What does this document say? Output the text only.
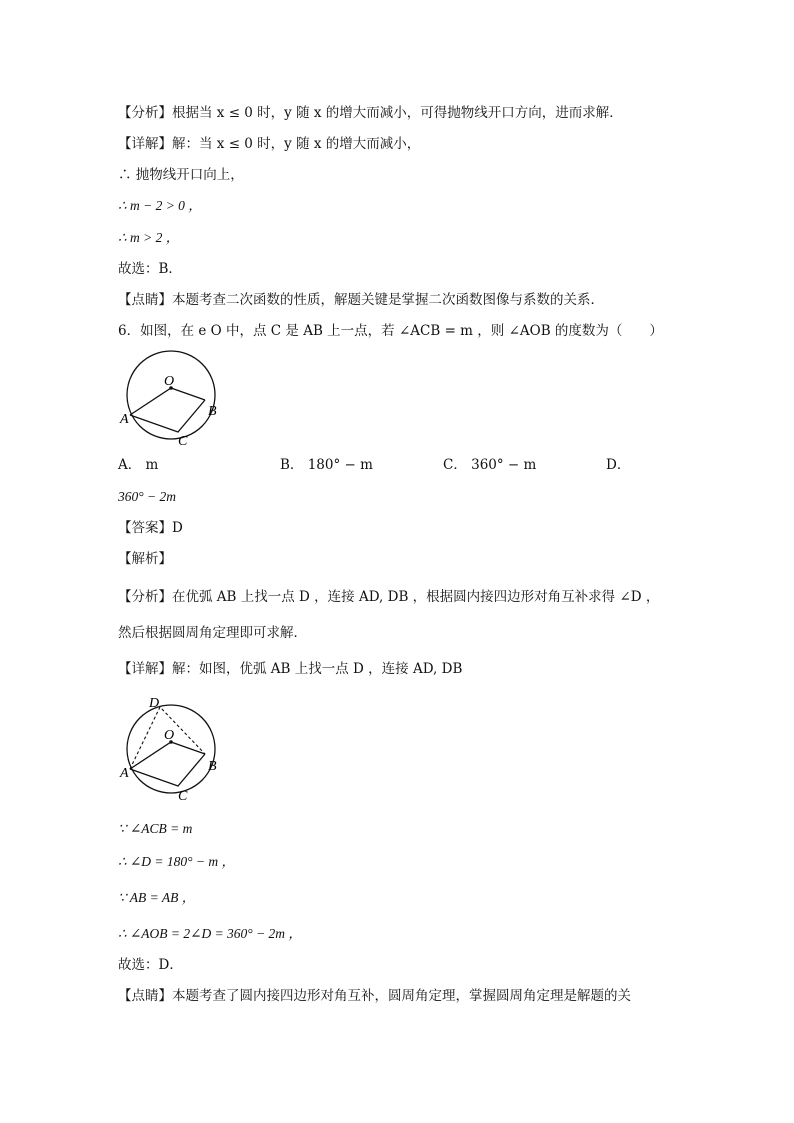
【分析】根据当 x ≤ 0 时，y 随 x 的增大而减小，可得抛物线开口方向，进而求解．
【详解】解：当 x ≤ 0 时，y 随 x 的增大而减小，
∴ 抛物线开口向上，
∴ m − 2 > 0 ，
∴ m > 2 ，
故选：B．
【点睛】本题考查二次函数的性质，解题关键是掌握二次函数图像与系数的关系．
6．如图，在 e O 中，点 C 是 AB 上一点，若 ∠ACB = m ，则 ∠AOB 的度数为（　　）
O
A
B
C
A． m	B． 180° − m	C． 360° − m	D．
360° − 2m
【答案】D
【解析】
【分析】在优弧 AB 上找一点 D ，连接 AD, DB ，根据圆内接四边形对角互补求得 ∠D ，
然后根据圆周角定理即可求解．
【详解】解：如图，优弧 AB 上找一点 D ，连接 AD, DB
D
O
A	B
C
∵ ∠ACB = m
∴ ∠D = 180° − m ，
∵ AB = AB ，
∴ ∠AOB = 2∠D = 360° − 2m ，
故选：D．
【点睛】本题考查了圆内接四边形对角互补，圆周角定理，掌握圆周角定理是解题的关
